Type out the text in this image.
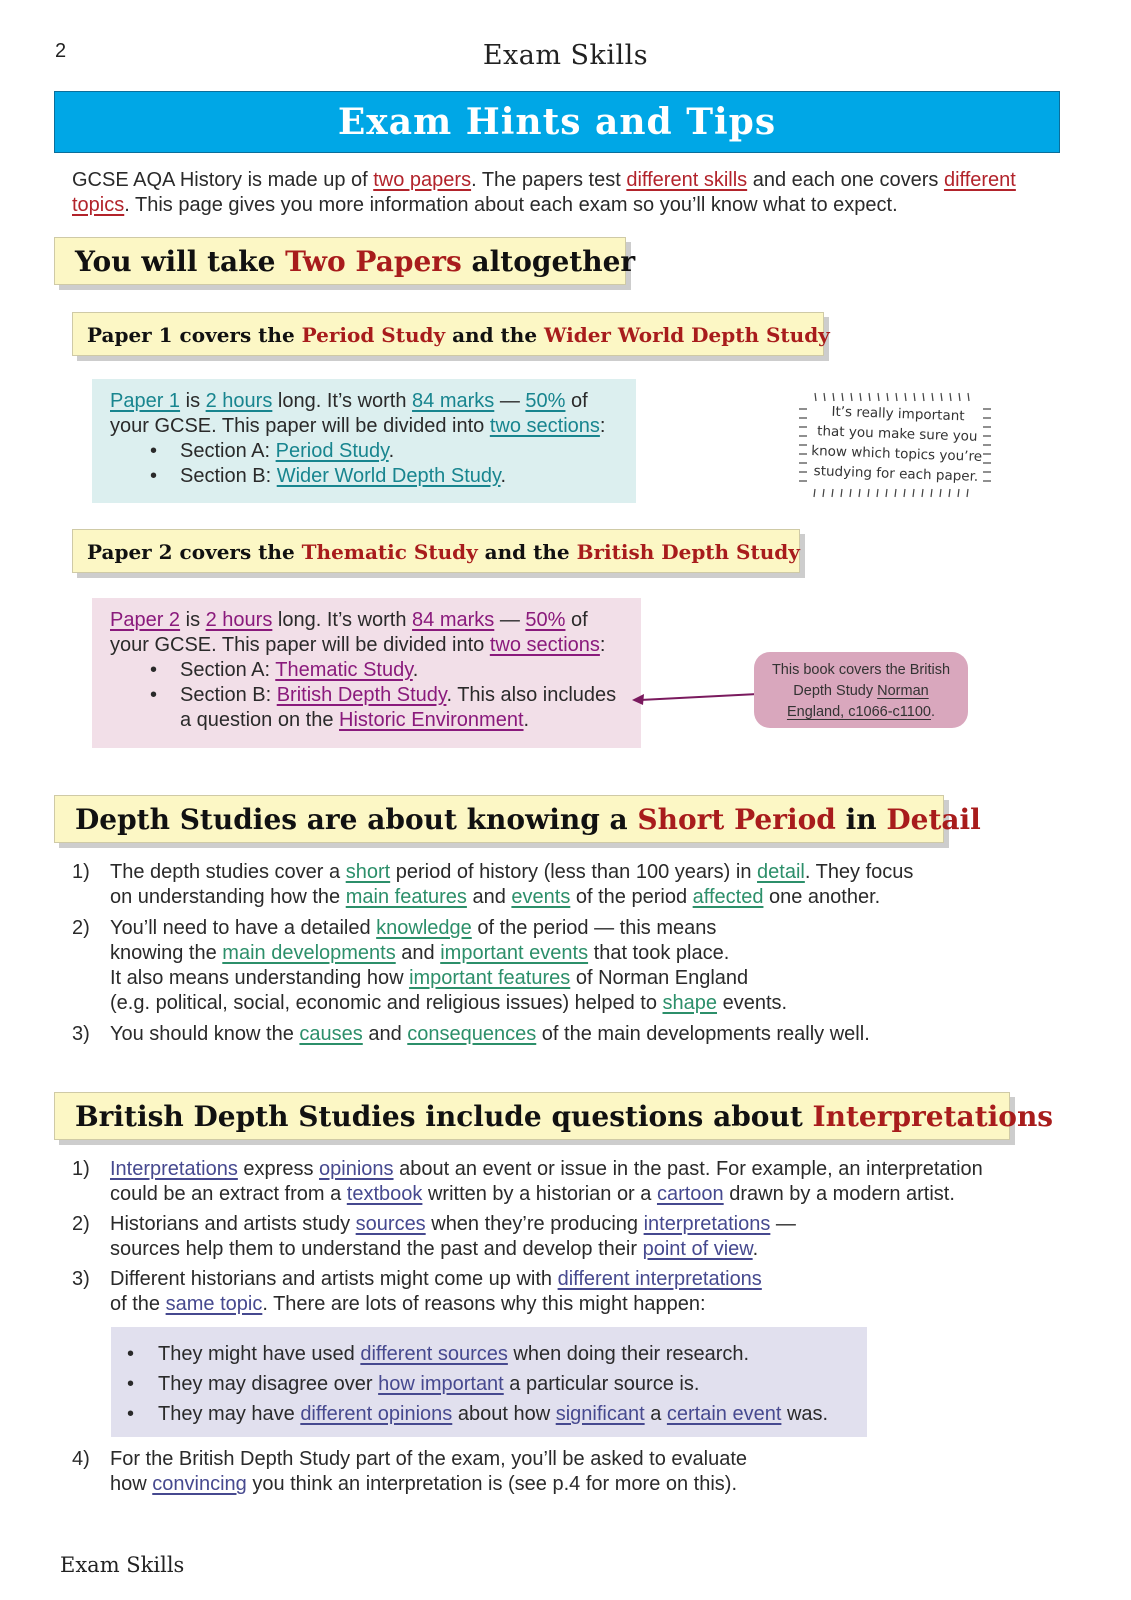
2	Exam Skills
Exam Hints and Tips
GCSE AQA History is made up of two papers. The papers test different skills and each one covers different
topics. This page gives you more information about each exam so you’ll know what to expect.
You will take Two Papers altogether
Paper 1 covers the Period Study and the Wider World Depth Study
Paper 1 is 2 hours long. It’s worth 84 marks — 50% of
your GCSE. This paper will be divided into two sections:
• Section A: Period Study.
• Section B: Wider World Depth Study.
It’s really important
that you make sure you
know which topics you’re
studying for each paper.
Paper 2 covers the Thematic Study and the British Depth Study
Paper 2 is 2 hours long. It’s worth 84 marks — 50% of
your GCSE. This paper will be divided into two sections:
• Section A: Thematic Study.
• Section B: British Depth Study. This also includes
a question on the Historic Environment.
This book covers the British
Depth Study Norman
England, c1066-c1100.
Depth Studies are about knowing a Short Period in Detail
1) The depth studies cover a short period of history (less than 100 years) in detail. They focus
on understanding how the main features and events of the period affected one another.
2) You’ll need to have a detailed knowledge of the period — this means
knowing the main developments and important events that took place.
It also means understanding how important features of Norman England
(e.g. political, social, economic and religious issues) helped to shape events.
3) You should know the causes and consequences of the main developments really well.
British Depth Studies include questions about Interpretations
1) Interpretations express opinions about an event or issue in the past. For example, an interpretation
could be an extract from a textbook written by a historian or a cartoon drawn by a modern artist.
2) Historians and artists study sources when they’re producing interpretations —
sources help them to understand the past and develop their point of view.
3) Different historians and artists might come up with different interpretations
of the same topic. There are lots of reasons why this might happen:
4) For the British Depth Study part of the exam, you’ll be asked to evaluate
how convincing you think an interpretation is (see p.4 for more on this).
• They might have used different sources when doing their research.
• They may disagree over how important a particular source is.
• They may have different opinions about how significant a certain event was.
Exam Skills
